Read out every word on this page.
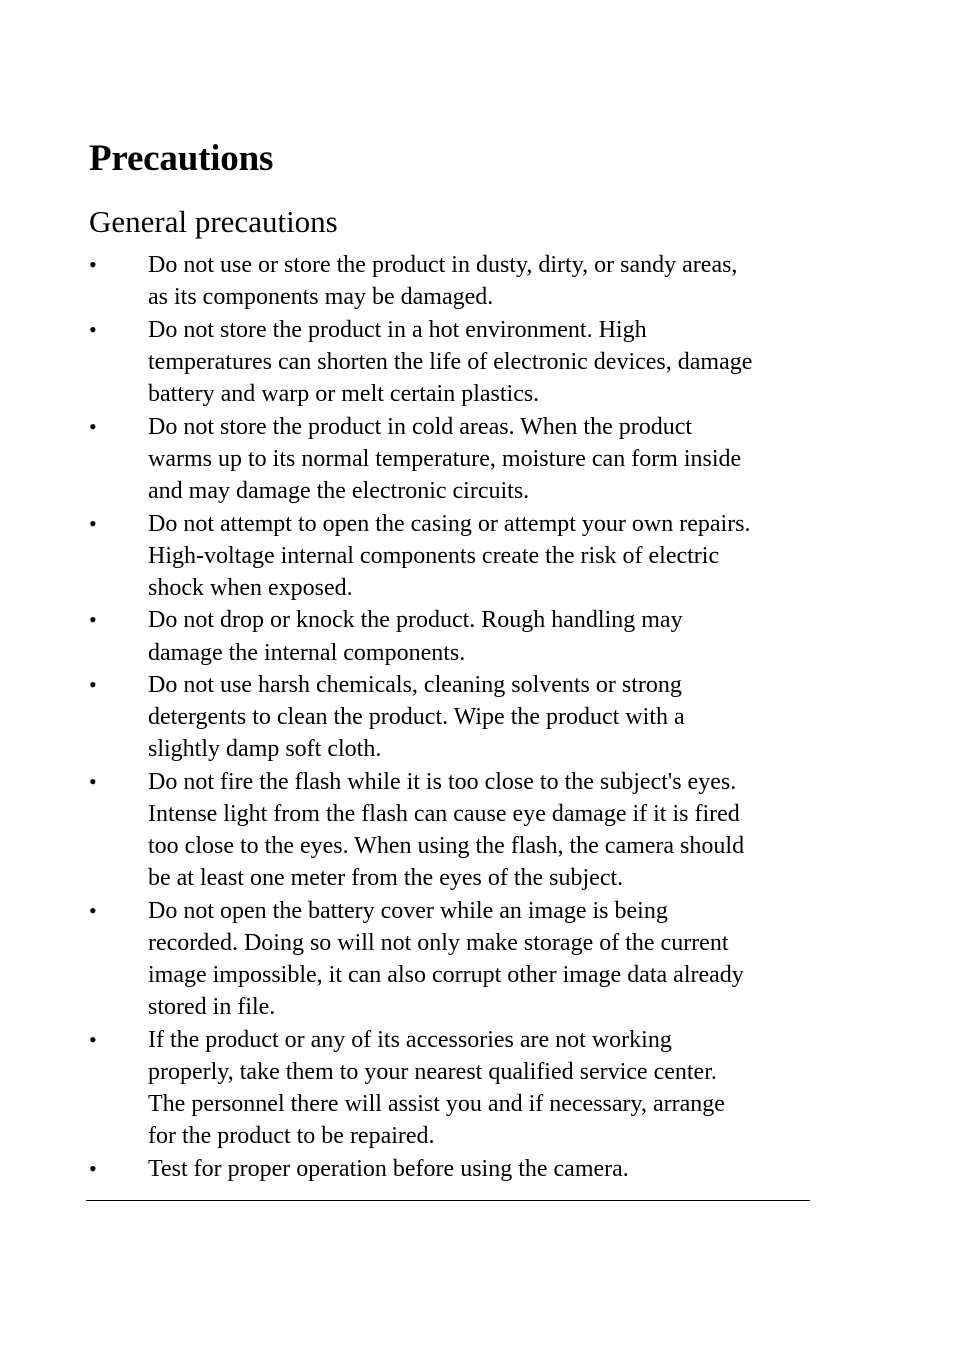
Precautions
General precautions
• Do not use or store the product in dusty, dirty, or sandy areas,
as its components may be damaged.
• Do not store the product in a hot environment. High
temperatures can shorten the life of electronic devices, damage
battery and warp or melt certain plastics.
• Do not store the product in cold areas. When the product
warms up to its normal temperature, moisture can form inside
and may damage the electronic circuits.
• Do not attempt to open the casing or attempt your own repairs.
High-voltage internal components create the risk of electric
shock when exposed.
• Do not drop or knock the product. Rough handling may
damage the internal components.
• Do not use harsh chemicals, cleaning solvents or strong
detergents to clean the product. Wipe the product with a
slightly damp soft cloth.
• Do not fire the flash while it is too close to the subject's eyes.
Intense light from the flash can cause eye damage if it is fired
too close to the eyes. When using the flash, the camera should
be at least one meter from the eyes of the subject.
• Do not open the battery cover while an image is being
recorded. Doing so will not only make storage of the current
image impossible, it can also corrupt other image data already
stored in file.
• If the product or any of its accessories are not working
properly, take them to your nearest qualified service center.
The personnel there will assist you and if necessary, arrange
for the product to be repaired.
• Test for proper operation before using the camera.
